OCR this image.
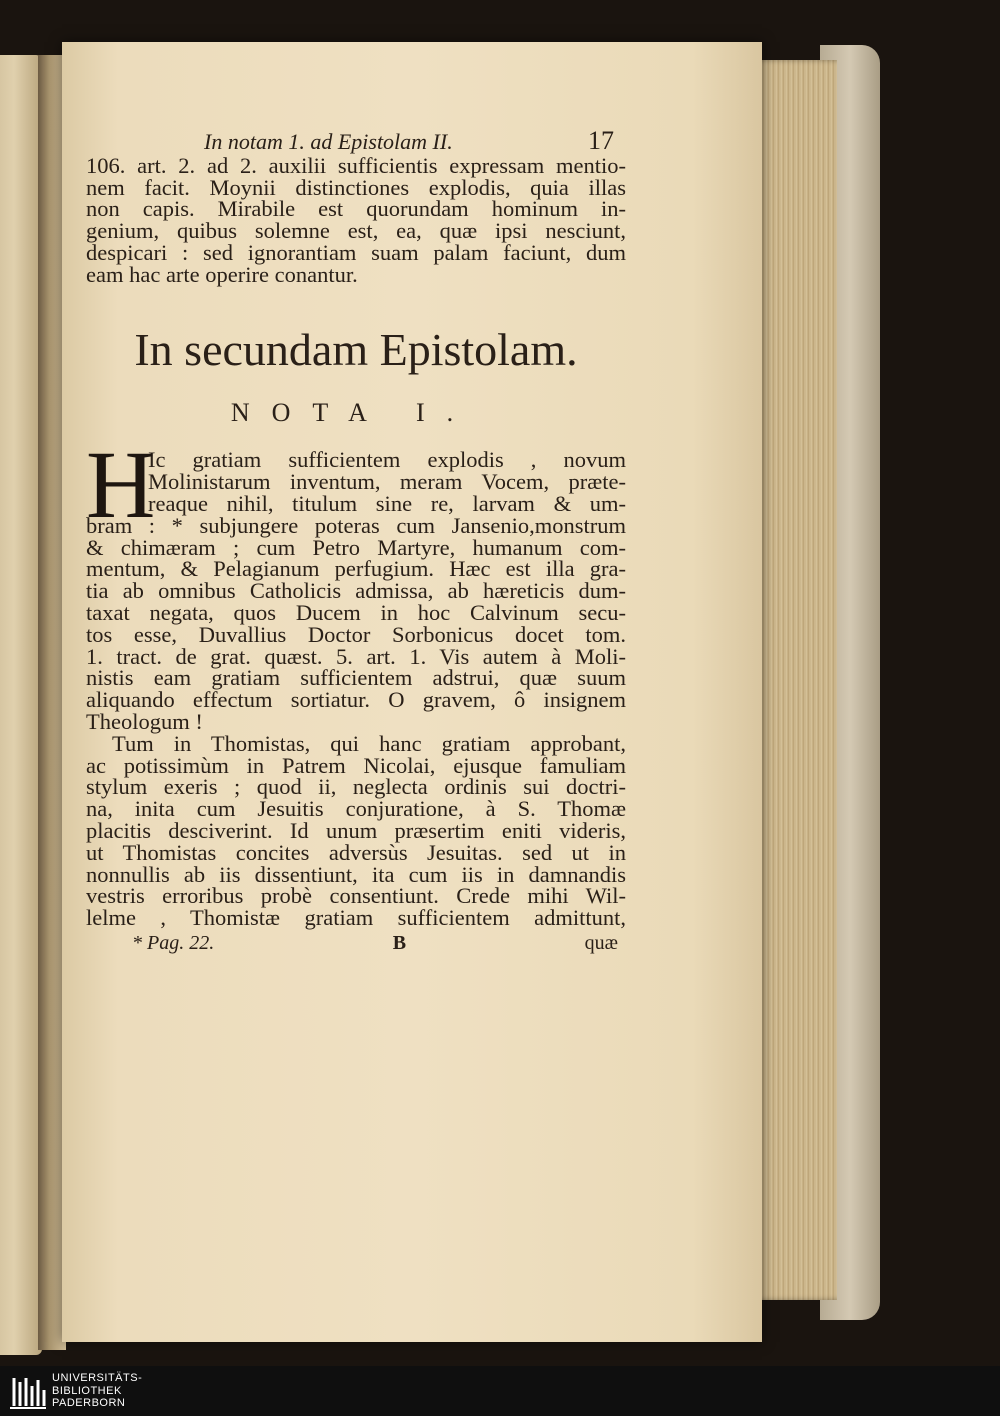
In notam 1. ad Epistolam II.	17
106. art. 2. ad 2. auxilii sufficientis expressam mentio-
nem facit. Moynii distinctiones explodis, quia illas
non capis. Mirabile est quorundam hominum in-
genium, quibus solemne est, ea, quæ ipsi nesciunt,
despicari : sed ignorantiam suam palam faciunt, dum
eam hac arte operire conantur.
In secundam Epistolam.
NOTA I.
H
Ic gratiam sufficientem explodis , novum
Molinistarum inventum, meram Vocem, præte-
reaque nihil, titulum sine re, larvam & um-
bram : * subjungere poteras cum Jansenio,monstrum
& chimæram ; cum Petro Martyre, humanum com-
mentum, & Pelagianum perfugium. Hæc est illa gra-
tia ab omnibus Catholicis admissa, ab hæreticis dum-
taxat negata, quos Ducem in hoc Calvinum secu-
tos esse, Duvallius Doctor Sorbonicus docet tom.
1. tract. de grat. quæst. 5. art. 1. Vis autem à Moli-
nistis eam gratiam sufficientem adstrui, quæ suum
aliquando effectum sortiatur. O gravem, ô insignem
Theologum !
Tum in Thomistas, qui hanc gratiam approbant,
ac potissimùm in Patrem Nicolai, ejusque famuliam
stylum exeris ; quod ii, neglecta ordinis sui doctri-
na, inita cum Jesuitis conjuratione, à S. Thomæ
placitis desciverint. Id unum præsertim eniti videris,
ut Thomistas concites adversùs Jesuitas. sed ut in
nonnullis ab iis dissentiunt, ita cum iis in damnandis
vestris erroribus probè consentiunt. Crede mihi Wil-
lelme , Thomistæ gratiam sufficientem admittunt,
* Pag. 22.	B	quæ
UNIVERSITÄTS-
BIBLIOTHEK
PADERBORN
